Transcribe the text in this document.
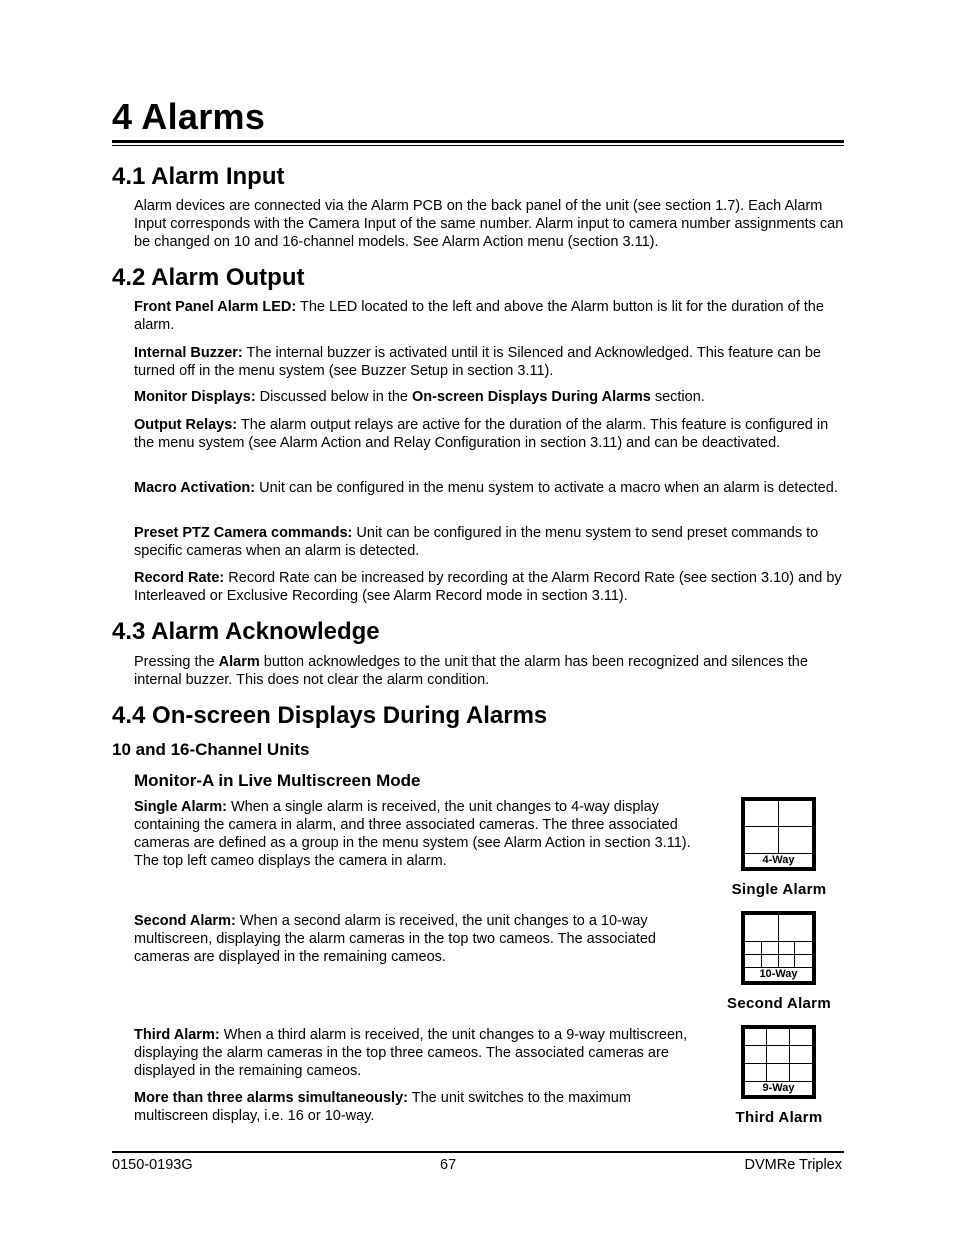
4 Alarms
4.1 Alarm Input

Alarm devices are connected via the Alarm PCB on the back panel of the unit (see section 1.7). Each Alarm Input corresponds with the Camera Input of the same number. Alarm input to camera number assignments can be changed on 10 and 16-channel models. See Alarm Action menu (section 3.11).

4.2 Alarm Output

Front Panel Alarm LED: The LED located to the left and above the Alarm button is lit for the duration of the alarm.

Internal Buzzer: The internal buzzer is activated until it is Silenced and Acknowledged. This feature can be turned off in the menu system (see Buzzer Setup in section 3.11).

Monitor Displays: Discussed below in the On-screen Displays During Alarms section.

Output Relays: The alarm output relays are active for the duration of the alarm. This feature is configured in the menu system (see Alarm Action and Relay Configuration in section 3.11) and can be deactivated.

Macro Activation: Unit can be configured in the menu system to activate a macro when an alarm is detected.

Preset PTZ Camera commands: Unit can be configured in the menu system to send preset commands to specific cameras when an alarm is detected.

Record Rate: Record Rate can be increased by recording at the Alarm Record Rate (see section 3.10) and by Interleaved or Exclusive Recording (see Alarm Record mode in section 3.11).

4.3 Alarm Acknowledge

Pressing the Alarm button acknowledges to the unit that the alarm has been recognized and silences the internal buzzer. This does not clear the alarm condition.

4.4 On-screen Displays During Alarms
10 and 16-Channel Units
Monitor-A in Live Multiscreen Mode

Single Alarm: When a single alarm is received, the unit changes to 4-way display containing the camera in alarm, and three associated cameras. The three associated cameras are defined as a group in the menu system (see Alarm Action in section 3.11). The top left cameo displays the camera in alarm.

Second Alarm: When a second alarm is received, the unit changes to a 10-way multiscreen, displaying the alarm cameras in the top two cameos. The associated cameras are displayed in the remaining cameos.

Third Alarm: When a third alarm is received, the unit changes to a 9-way multiscreen, displaying the alarm cameras in the top three cameos. The associated cameras are displayed in the remaining cameos.

More than three alarms simultaneously: The unit switches to the maximum multiscreen display, i.e. 16 or 10-way.

4-Way
Single Alarm
10-Way
Second Alarm
9-Way
Third Alarm
0150-0193G	67	DVMRe Triplex
